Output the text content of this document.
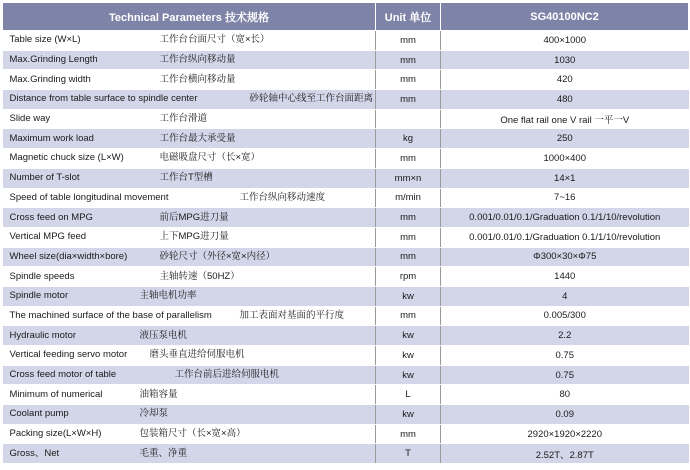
Technical Parameters 技术规格	Unit 单位	SG40100NC2

Table size (W×L) 工作台台面尺寸（宽×长）	mm	400×1000

Max.Grinding Length 工作台纵向移动量	mm	1030

Max.Grinding width 工作台横向移动量	mm	420

Distance from table surface to spindle center 砂轮轴中心线至工作台面距离	mm	480

Slide way 工作台滑道		One flat rail one V rail 一平一V

Maximum work load 工作台最大承受量	kg	250

Magnetic chuck size (L×W) 电磁吸盘尺寸（长×宽）	mm	1000×400

Number of T-slot 工作台T型槽	mm×n	14×1

Speed of table longitudinal movement 工作台纵向移动速度	m/min	7~16

Cross feed on MPG 前后MPG进刀量	mm	0.001/0.01/0.1/Graduation 0.1/1/10/revolution

Vertical MPG feed 上下MPG进刀量	mm	0.001/0.01/0.1/Graduation 0.1/1/10/revolution

Wheel size(dia×width×bore) 砂轮尺寸（外径×宽×内径）	mm	Φ300×30×Φ75

Spindle speeds 主轴转速（50HZ）	rpm	1440

Spindle motor 主轴电机功率	kw	4

The machined surface of the base of parallelism 加工表面对基面的平行度	mm	0.005/300

Hydraulic motor 液压泵电机	kw	2.2

Vertical feeding servo motor 磨头垂直进给伺服电机	kw	0.75

Cross feed motor of table 工作台前后进给伺服电机	kw	0.75

Minimum of numerical 油箱容量	L	80

Coolant pump 冷却泵	kw	0.09

Packing size(L×W×H) 包装箱尺寸（长×宽×高）	mm	2920×1920×2220

Gross、Net 毛重、净重	T	2.52T、2.87T
